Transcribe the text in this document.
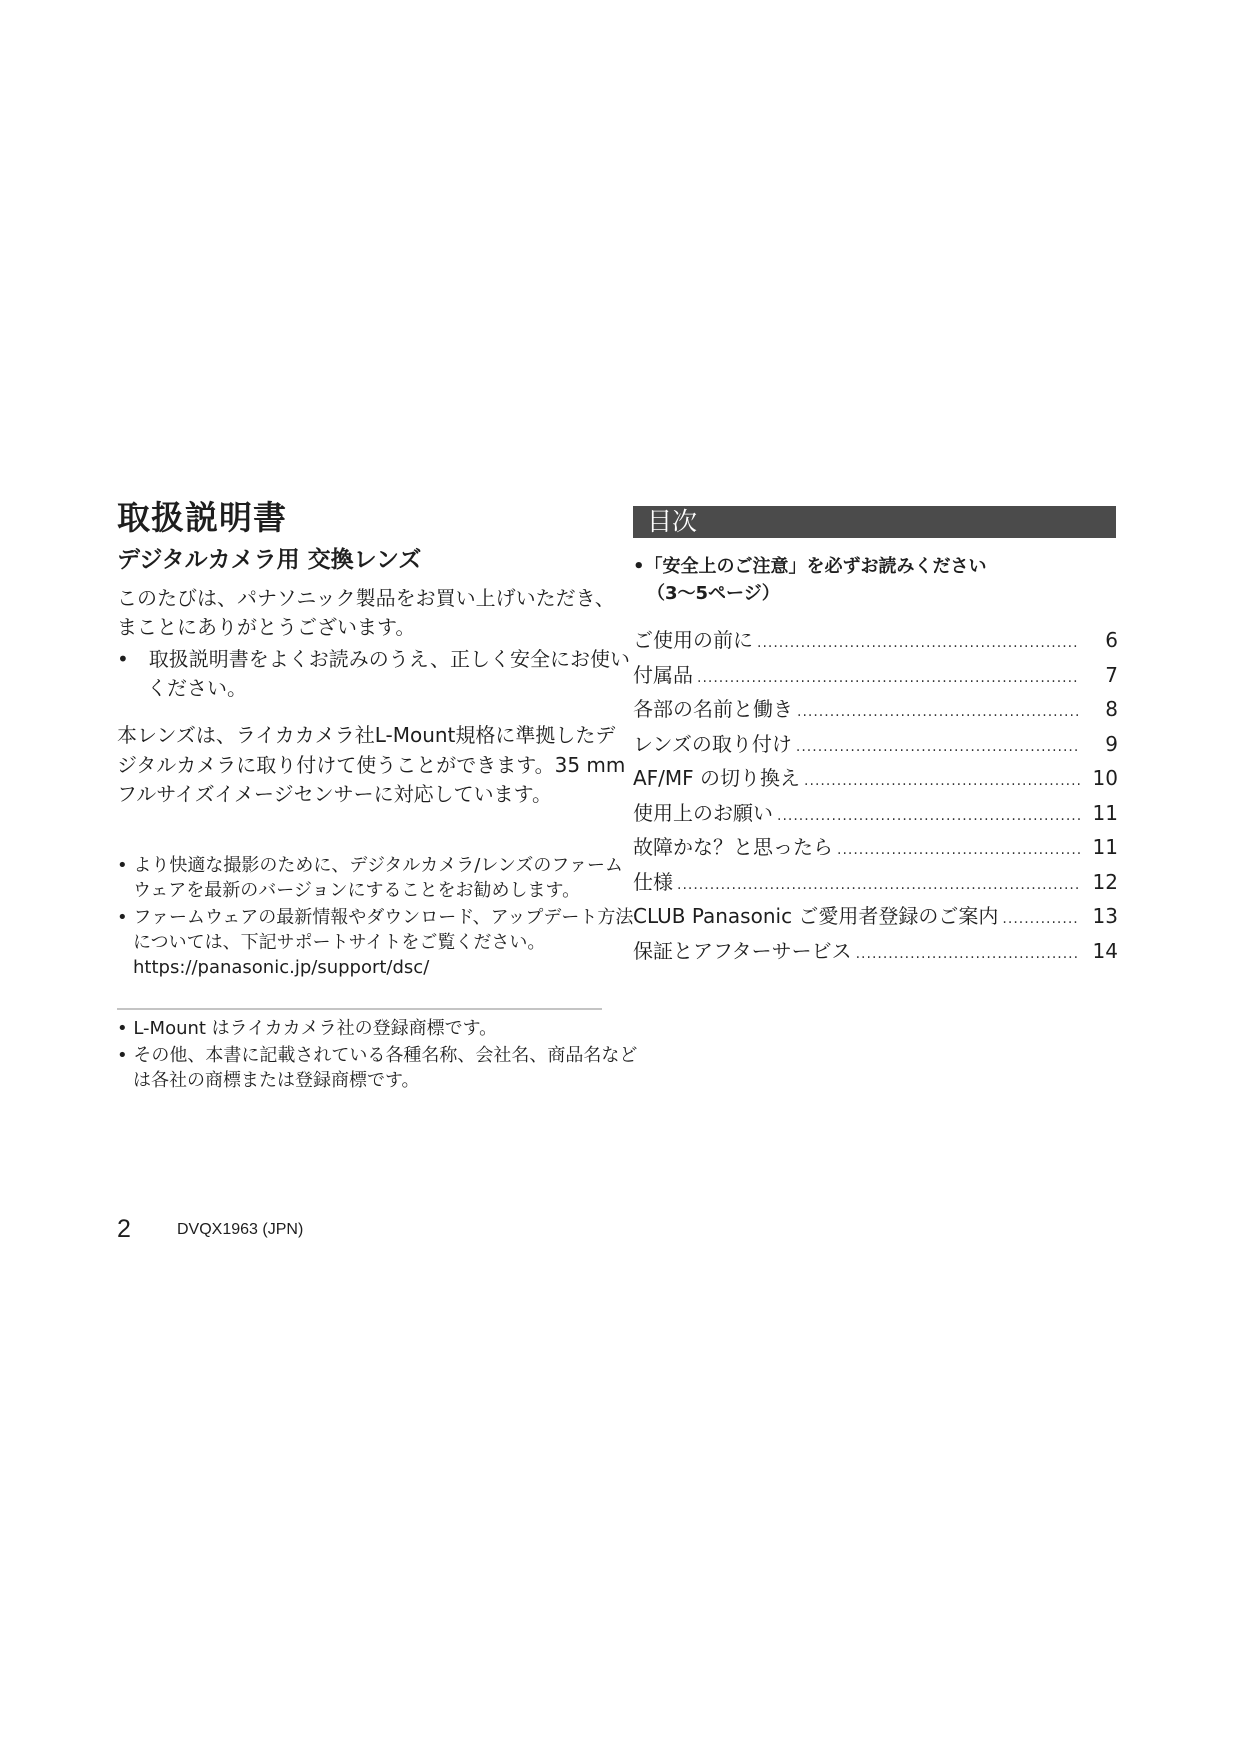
取扱説明書
デジタルカメラ用 交換レンズ
このたびは、パナソニック製品をお買い上げいただき、まことにありがとうございます。
•　取扱説明書をよくお読みのうえ、正しく安全にお使いください。
本レンズは、ライカカメラ社L-Mount規格に準拠したデジタルカメラに取り付けて使うことができます。35 mm フルサイズイメージセンサーに対応しています。
• より快適な撮影のために、デジタルカメラ/レンズのファームウェアを最新のバージョンにすることをお勧めします。
• ファームウェアの最新情報やダウンロード、アップデート方法については、下記サポートサイトをご覧ください。
https://panasonic.jp/support/dsc/
• L-Mount はライカカメラ社の登録商標です。
• その他、本書に記載されている各種名称、会社名、商品名などは各社の商標または登録商標です。
2	DVQX1963 (JPN)
目次
•「安全上のご注意」を必ずお読みください
（3～5ページ）
ご使用の前に .....	6
付属品 .....	7
各部の名前と働き .....	8
レンズの取り付け .....	9
AF/MF の切り換え .....	10
使用上のお願い .....	11
故障かな？と思ったら .....	11
仕様 .....	12
CLUB Panasonic ご愛用者登録のご案内 .....	13
保証とアフターサービス .....	14
